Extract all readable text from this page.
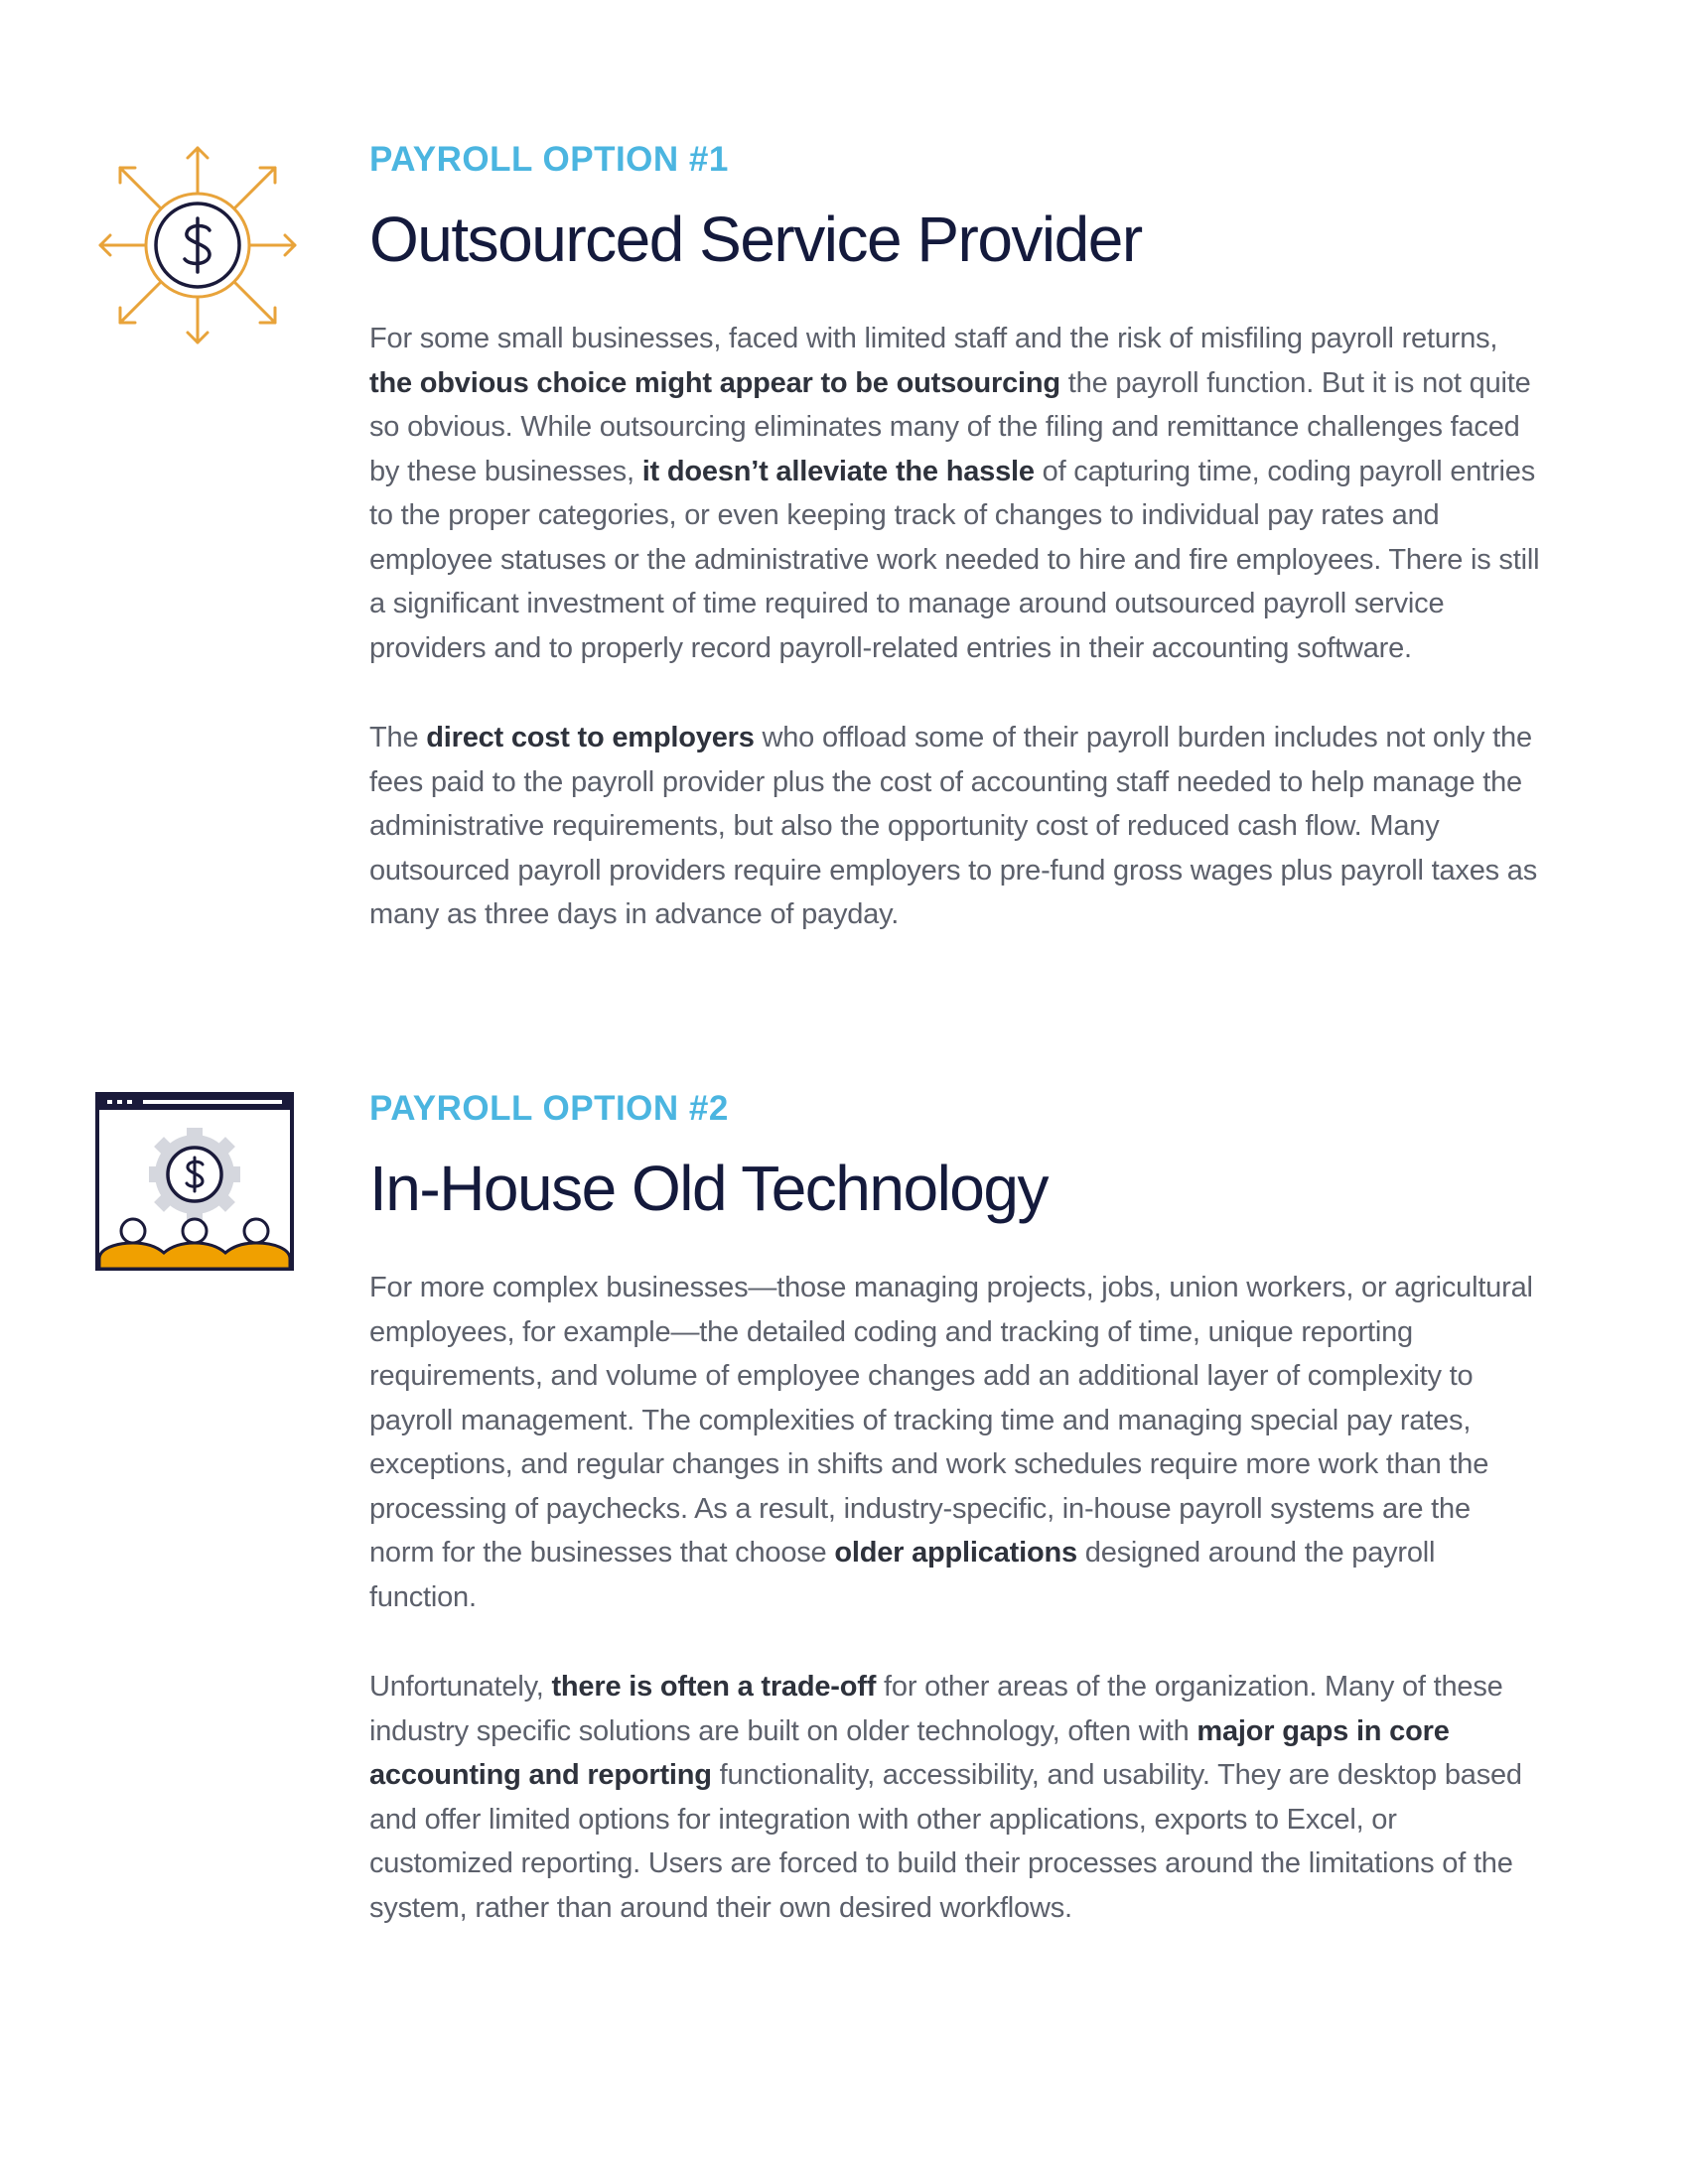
PAYROLL OPTION #1

Outsourced Service Provider

For some small businesses, faced with limited staff and the risk of misfiling payroll returns, the obvious choice might appear to be outsourcing the payroll function. But it is not quite so obvious. While outsourcing eliminates many of the filing and remittance challenges faced by these businesses, it doesn’t alleviate the hassle of capturing time, coding payroll entries to the proper categories, or even keeping track of changes to individual pay rates and employee statuses or the administrative work needed to hire and fire employees. There is still a significant investment of time required to manage around outsourced payroll service providers and to properly record payroll-related entries in their accounting software.

The direct cost to employers who offload some of their payroll burden includes not only the fees paid to the payroll provider plus the cost of accounting staff needed to help manage the administrative requirements, but also the opportunity cost of reduced cash flow. Many outsourced payroll providers require employers to pre-fund gross wages plus payroll taxes as many as three days in advance of payday.

PAYROLL OPTION #2

In-House Old Technology

For more complex businesses—those managing projects, jobs, union workers, or agricultural employees, for example—the detailed coding and tracking of time, unique reporting requirements, and volume of employee changes add an additional layer of complexity to payroll management. The complexities of tracking time and managing special pay rates, exceptions, and regular changes in shifts and work schedules require more work than the processing of paychecks. As a result, industry-specific, in-house payroll systems are the norm for the businesses that choose older applications designed around the payroll function.

Unfortunately, there is often a trade-off for other areas of the organization. Many of these industry specific solutions are built on older technology, often with major gaps in core accounting and reporting functionality, accessibility, and usability. They are desktop based and offer limited options for integration with other applications, exports to Excel, or customized reporting. Users are forced to build their processes around the limitations of the system, rather than around their own desired workflows.
